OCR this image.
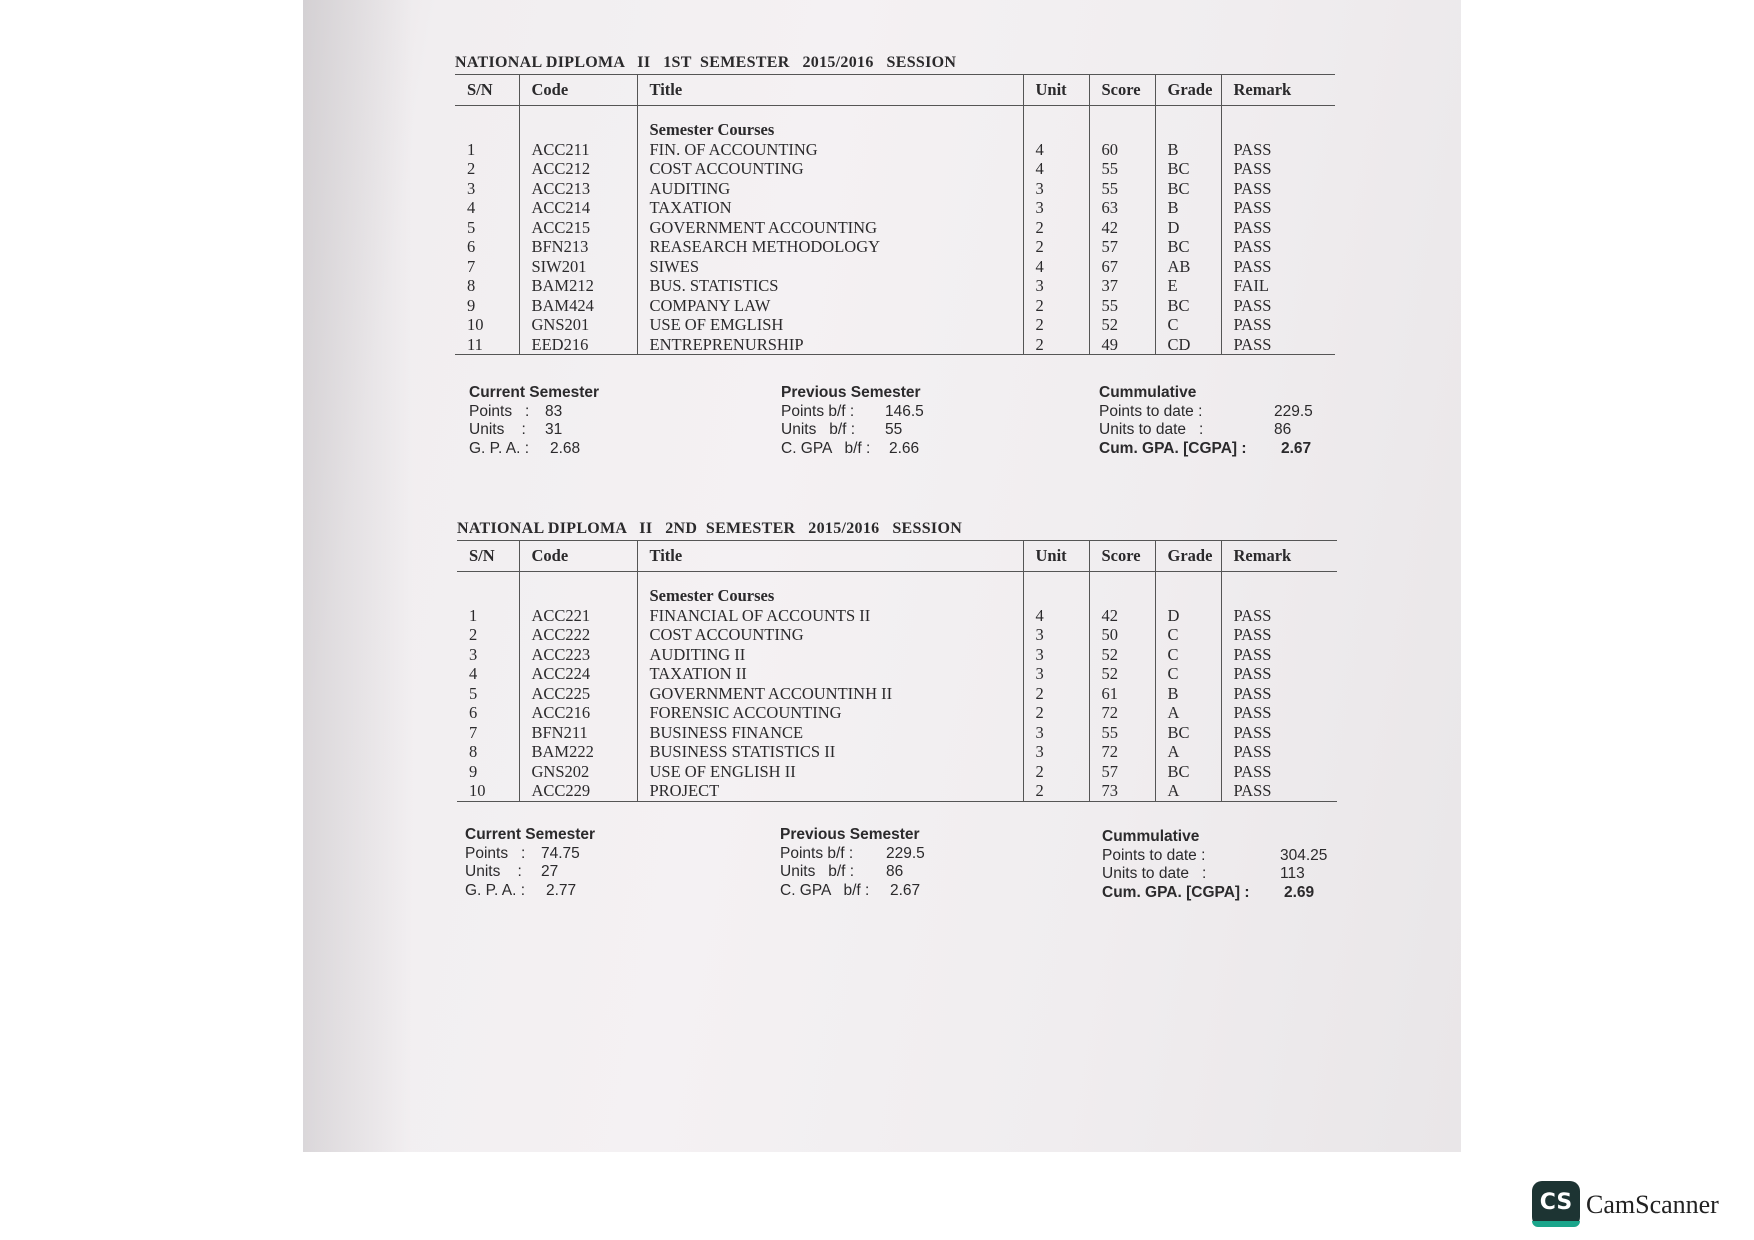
NATIONAL DIPLOMA   II   1ST  SEMESTER   2015/2016   SESSION
S/N	Code	Title	Unit	Score	Grade	Remark
		Semester Courses				
1	ACC211	FIN. OF ACCOUNTING	4	60	B	PASS
2	ACC212	COST ACCOUNTING	4	55	BC	PASS
3	ACC213	AUDITING	3	55	BC	PASS
4	ACC214	TAXATION	3	63	B	PASS
5	ACC215	GOVERNMENT ACCOUNTING	2	42	D	PASS
6	BFN213	REASEARCH METHODOLOGY	2	57	BC	PASS
7	SIW201	SIWES	4	67	AB	PASS
8	BAM212	BUS. STATISTICS	3	37	E	FAIL
9	BAM424	COMPANY LAW	2	55	BC	PASS
10	GNS201	USE OF EMGLISH	2	52	C	PASS
11	EED216	ENTREPRENURSHIP	2	49	CD	PASS
Current Semester
Points   : 83
Units    : 31
G. P. A. : 2.68
Previous Semester
Points b/f : 146.5
Units   b/f : 55
C. GPA   b/f : 2.66
Cummulative
Points to date :	229.5
Units to date   :	86
Cum. GPA. [CGPA] : 2.67
NATIONAL DIPLOMA   II   2ND  SEMESTER   2015/2016   SESSION
S/N	Code	Title	Unit	Score	Grade	Remark
		Semester Courses				
1	ACC221	FINANCIAL OF ACCOUNTS II	4	42	D	PASS
2	ACC222	COST ACCOUNTING	3	50	C	PASS
3	ACC223	AUDITING II	3	52	C	PASS
4	ACC224	TAXATION II	3	52	C	PASS
5	ACC225	GOVERNMENT ACCOUNTINH II	2	61	B	PASS
6	ACC216	FORENSIC ACCOUNTING	2	72	A	PASS
7	BFN211	BUSINESS FINANCE	3	55	BC	PASS
8	BAM222	BUSINESS STATISTICS II	3	72	A	PASS
9	GNS202	USE OF ENGLISH II	2	57	BC	PASS
10	ACC229	PROJECT	2	73	A	PASS
Current Semester
Points   : 74.75
Units    : 27
G. P. A. : 2.77
Previous Semester
Points b/f : 229.5
Units   b/f : 86
C. GPA   b/f : 2.67
Cummulative
Points to date :	304.25
Units to date   :	113
Cum. GPA. [CGPA] : 2.69
CS CamScanner
